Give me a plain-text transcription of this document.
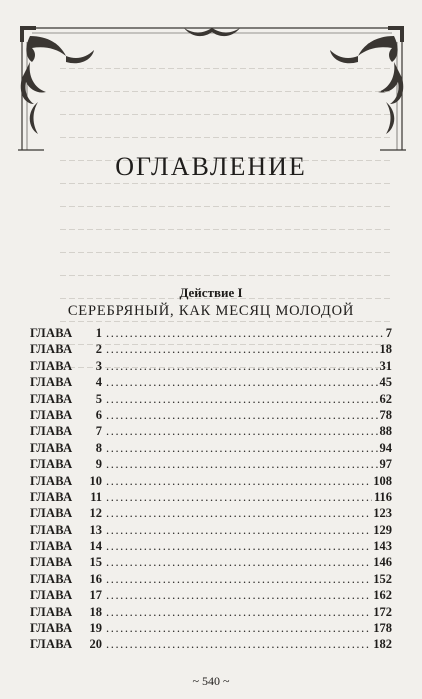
ОГЛАВЛЕНИЕ
Действие I
СЕРЕБРЯНЫЙ, КАК МЕСЯЦ МОЛОДОЙ
ГЛАВА	1 .....	7
ГЛАВА	2 .....	18
ГЛАВА	3 .....	31
ГЛАВА	4 .....	45
ГЛАВА	5 .....	62
ГЛАВА	6 .....	78
ГЛАВА	7 .....	88
ГЛАВА	8 .....	94
ГЛАВА	9 .....	97
ГЛАВА	10 .....	108
ГЛАВА	11 .....	116
ГЛАВА	12 .....	123
ГЛАВА	13 .....	129
ГЛАВА	14 .....	143
ГЛАВА	15 .....	146
ГЛАВА	16 .....	152
ГЛАВА	17 .....	162
ГЛАВА	18 .....	172
ГЛАВА	19 .....	178
ГЛАВА	20 .....	182
~ 540 ~
